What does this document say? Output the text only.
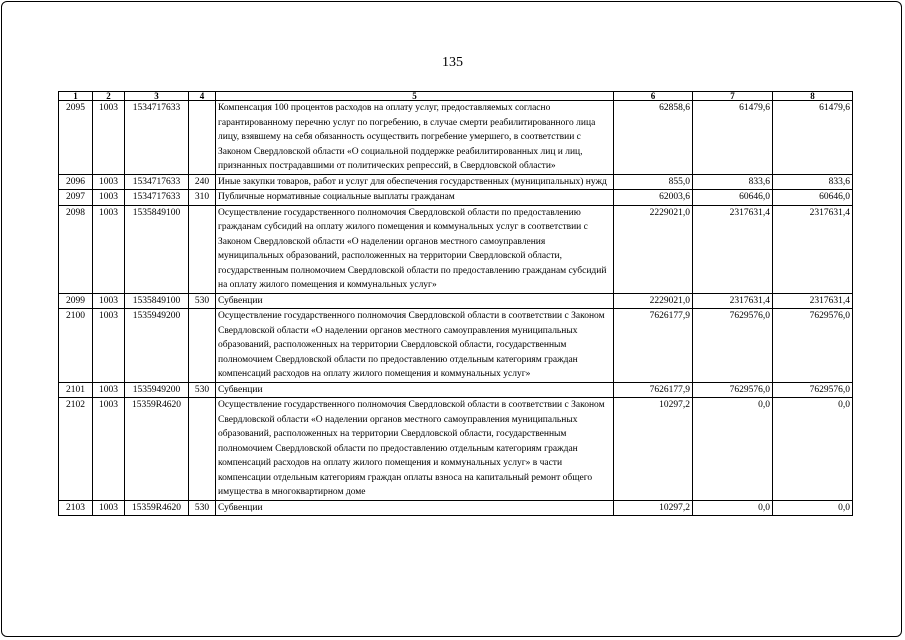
135
1	2	3	4	5	6	7	8
2095	1003	1534717633		Компенсация 100 процентов расходов на оплату услуг, предоставляемых согласно гарантированному перечню услуг по погребению, в случае смерти реабилитированного лица лицу, взявшему на себя обязанность осуществить погребение умершего, в соответствии с Законом Свердловской области «О социальной поддержке реабилитированных лиц и лиц, признанных пострадавшими от политических репрессий, в Свердловской области»	62858,6	61479,6	61479,6
2096	1003	1534717633	240	Иные закупки товаров, работ и услуг для обеспечения государственных (муниципальных) нужд	855,0	833,6	833,6
2097	1003	1534717633	310	Публичные нормативные социальные выплаты гражданам	62003,6	60646,0	60646,0
2098	1003	1535849100		Осуществление государственного полномочия Свердловской области по предоставлению гражданам субсидий на оплату жилого помещения и коммунальных услуг в соответствии с Законом Свердловской области «О наделении органов местного самоуправления муниципальных образований, расположенных на территории Свердловской области, государственным полномочием Свердловской области по предоставлению гражданам субсидий на оплату жилого помещения и коммунальных услуг»	2229021,0	2317631,4	2317631,4
2099	1003	1535849100	530	Субвенции	2229021,0	2317631,4	2317631,4
2100	1003	1535949200		Осуществление государственного полномочия Свердловской области в соответствии с Законом Свердловской области «О наделении органов местного самоуправления муниципальных образований, расположенных на территории Свердловской области, государственным полномочием Свердловской области по предоставлению отдельным категориям граждан компенсаций расходов на оплату жилого помещения и коммунальных услуг»	7626177,9	7629576,0	7629576,0
2101	1003	1535949200	530	Субвенции	7626177,9	7629576,0	7629576,0
2102	1003	15359R4620		Осуществление государственного полномочия Свердловской области в соответствии с Законом Свердловской области «О наделении органов местного самоуправления муниципальных образований, расположенных на территории Свердловской области, государственным полномочием Свердловской области по предоставлению отдельным категориям граждан компенсаций расходов на оплату жилого помещения и коммунальных услуг» в части компенсации отдельным категориям граждан оплаты взноса на капитальный ремонт общего имущества в многоквартирном доме	10297,2	0,0	0,0
2103	1003	15359R4620	530	Субвенции	10297,2	0,0	0,0
